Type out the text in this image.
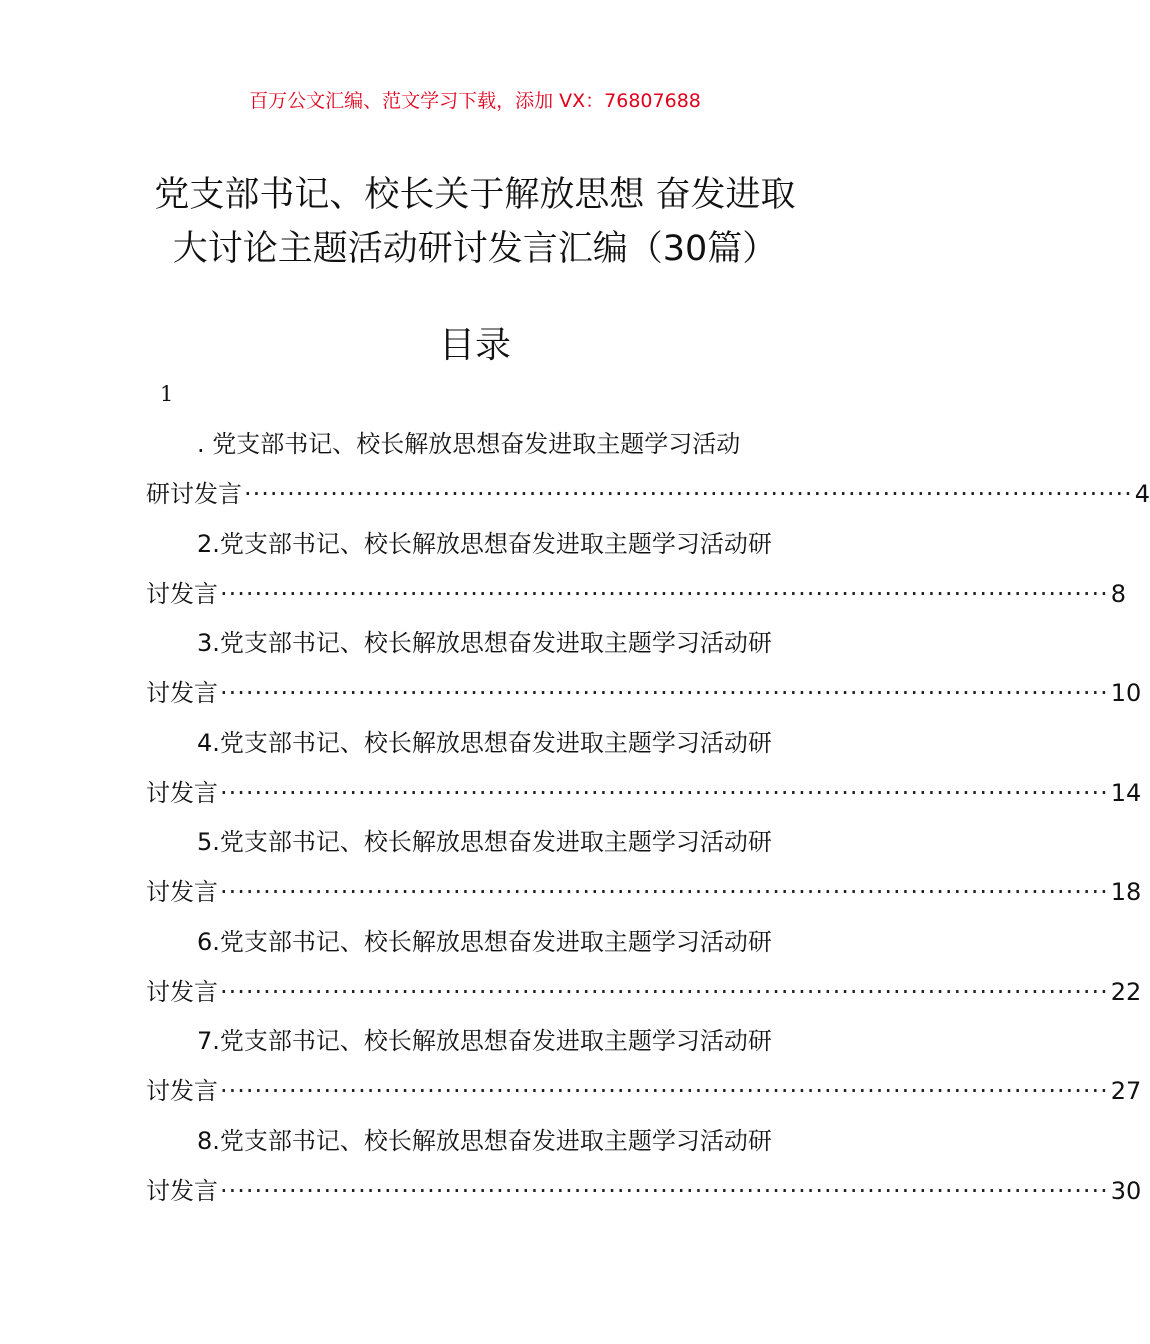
百万公文汇编、范文学习下载，添加 VX：76807688
党支部书记、校长关于解放思想 奋发进取
大讨论主题活动研讨发言汇编（30篇）
目录
1
. 党支部书记、校长解放思想奋发进取主题学习活动
研讨发言 ······································································································· 4
2.党支部书记、校长解放思想奋发进取主题学习活动研
讨发言 ······································································································· 8
3.党支部书记、校长解放思想奋发进取主题学习活动研
讨发言 ······································································································· 10
4.党支部书记、校长解放思想奋发进取主题学习活动研
讨发言 ······································································································· 14
5.党支部书记、校长解放思想奋发进取主题学习活动研
讨发言 ······································································································· 18
6.党支部书记、校长解放思想奋发进取主题学习活动研
讨发言 ······································································································· 22
7.党支部书记、校长解放思想奋发进取主题学习活动研
讨发言 ······································································································· 27
8.党支部书记、校长解放思想奋发进取主题学习活动研
讨发言 ······································································································· 30
